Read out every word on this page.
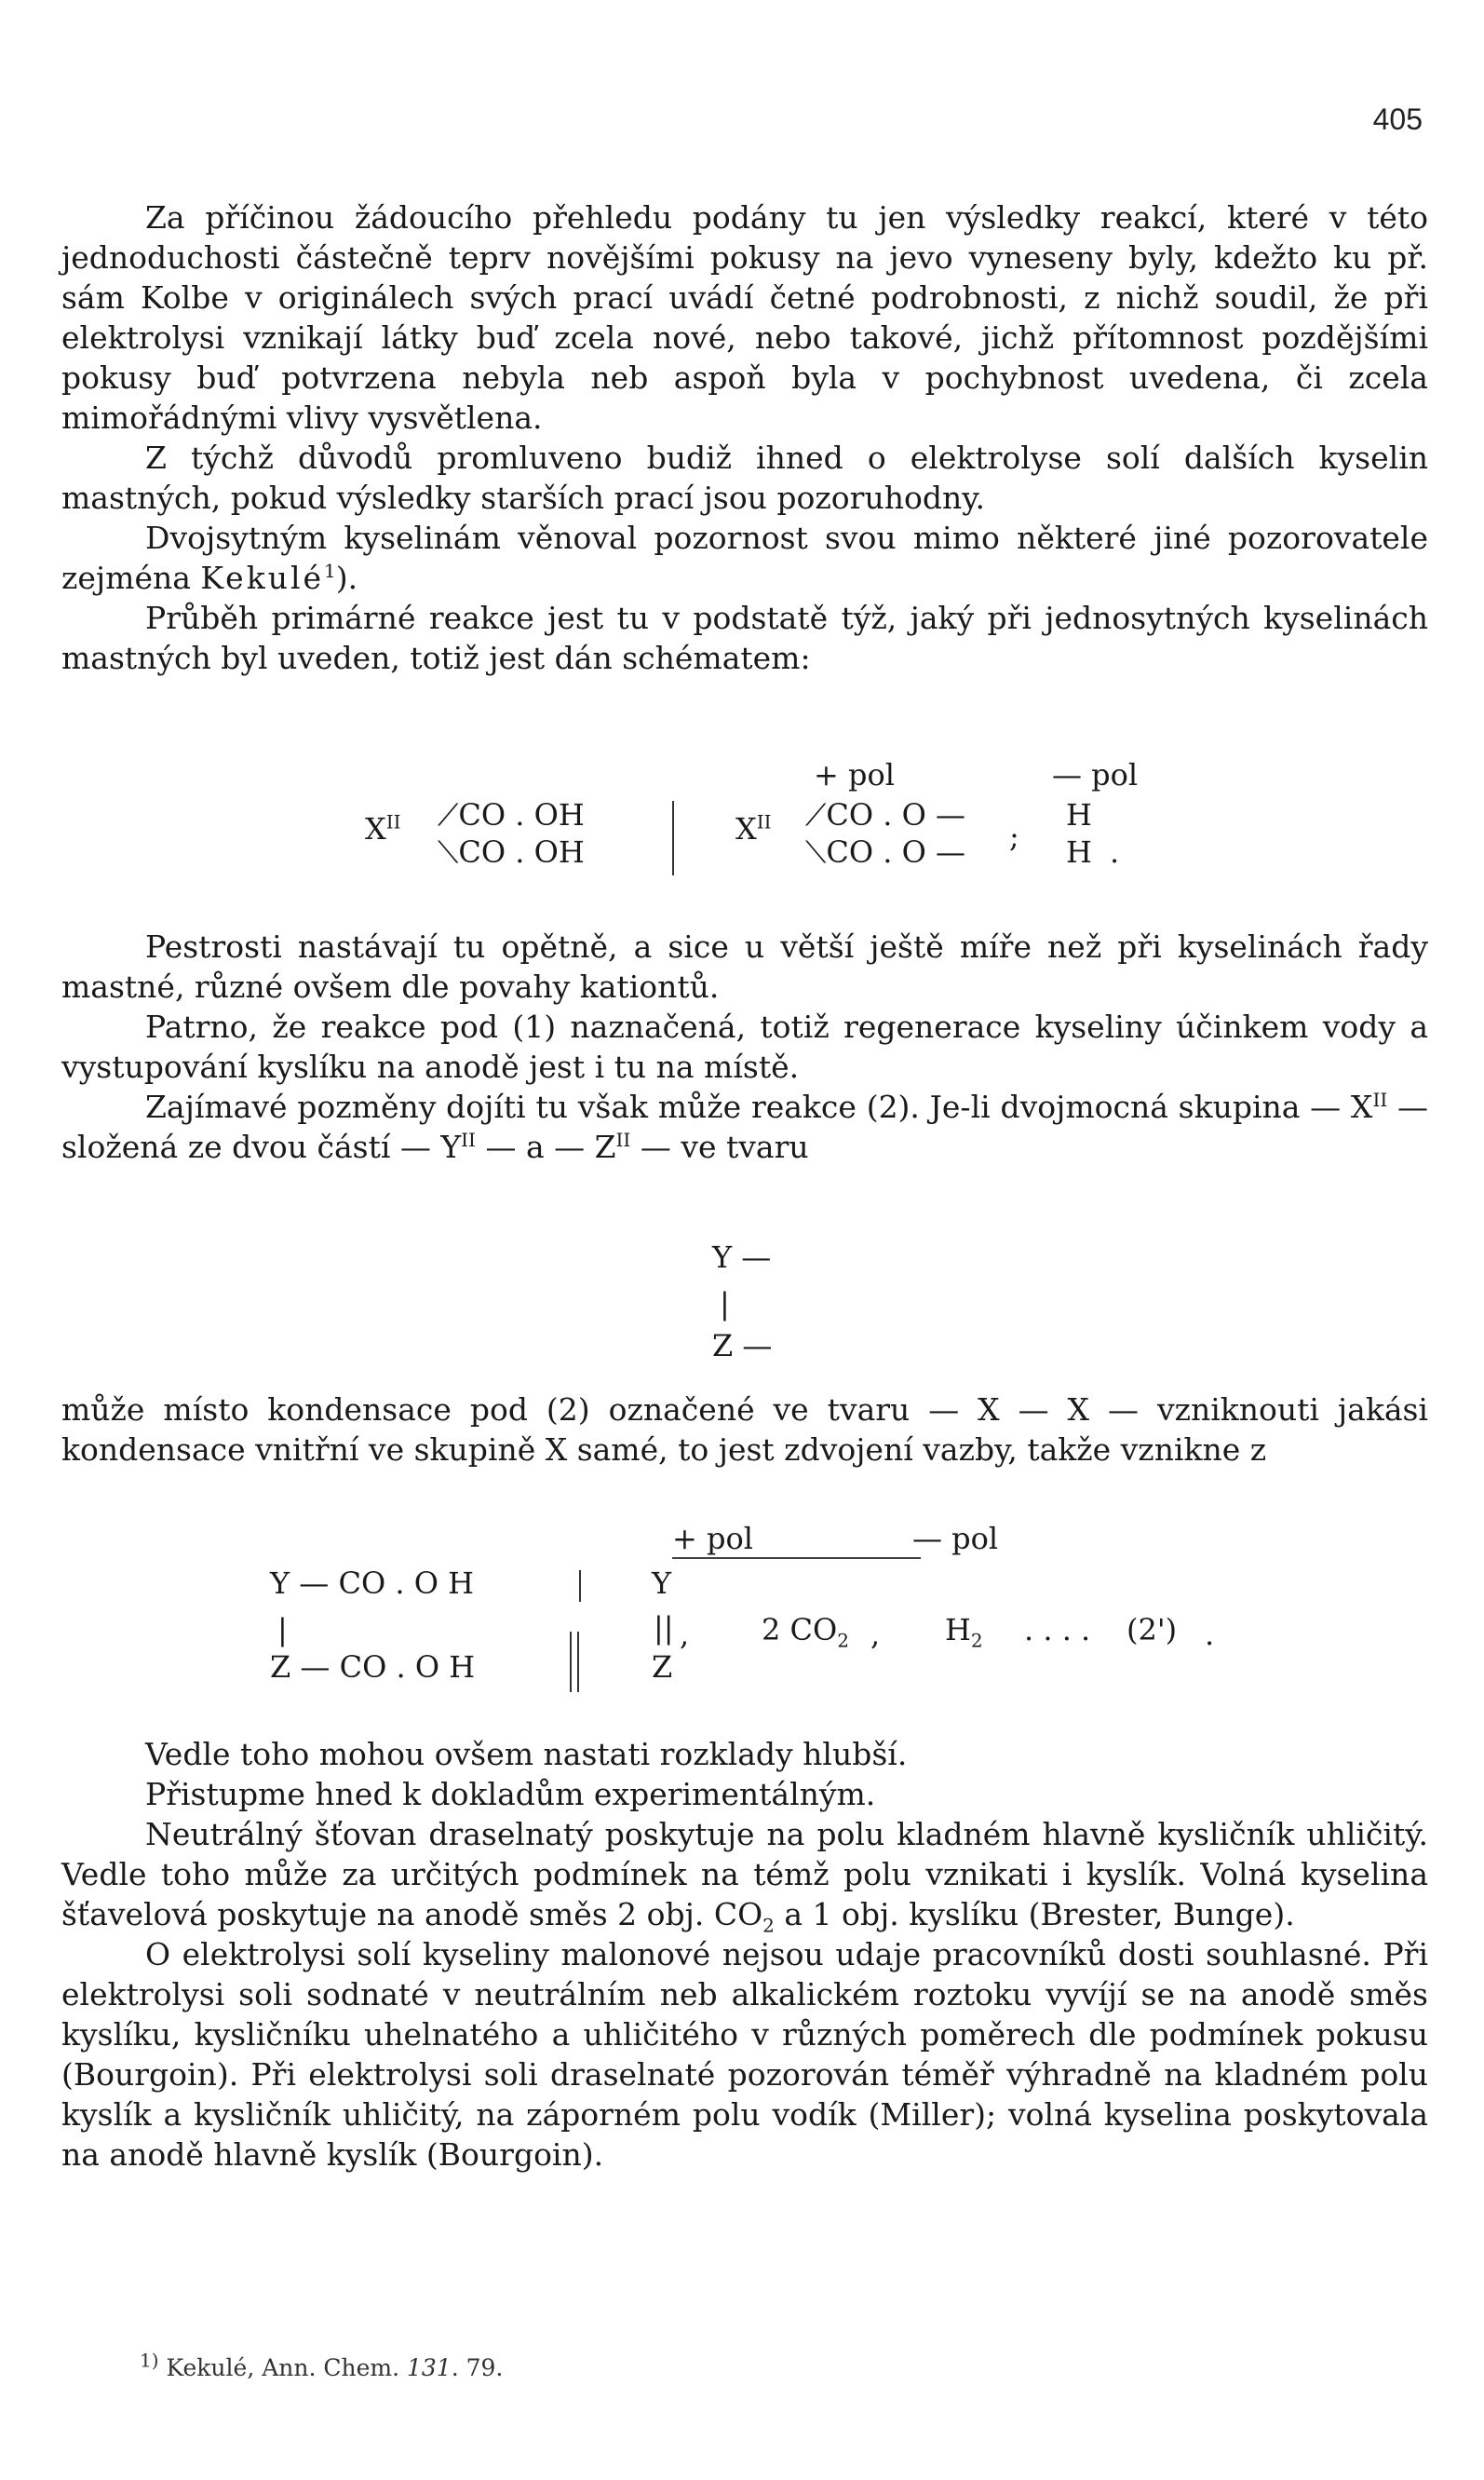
405

Za příčinou žádoucího přehledu podány tu jen výsledky reakcí, které v této jednoduchosti částečně teprv novějšími pokusy na jevo vyneseny byly, kdežto ku př. sám Kolbe v originálech svých prací uvádí četné podrobnosti, z nichž soudil, že při elektrolysi vznikají látky buď zcela nové, nebo takové, jichž přítomnost pozdějšími pokusy buď potvrzena nebyla neb aspoň byla v pochybnost uvedena, či zcela mimořádnými vlivy vysvětlena.

Z týchž důvodů promluveno budiž ihned o elektrolyse solí dalších kyselin mastných, pokud výsledky starších prací jsou pozoruhodny.

Dvojsytným kyselinám věnoval pozornost svou mimo některé jiné pozorovatele zejména Kekulé$^1$).

Průběh primárné reakce jest tu v podstatě týž, jaký při jednosytných kyselinách mastných byl uveden, totiž jest dán schématem:

+ pol	— pol
$X^{II}$ ⟋CO . OH
⟍CO . OH
$X^{II}$ ⟋CO . O —
⟍CO . O — ;
H
H .

Pestrosti nastávají tu opětně, a sice u větší ještě míře než při kyselinách řady mastné, různé ovšem dle povahy kationtů.

Patrno, že reakce pod (1) naznačená, totiž regenerace kyseliny účinkem vody a vystupování kyslíku na anodě jest i tu na místě.

Zajímavé pozměny dojíti tu však může reakce (2). Je-li dvojmocná skupina — $X^{II}$ — složená ze dvou částí — $Y^{II}$ — a — $Z^{II}$ — ve tvaru

Y —
|
Z —

může místo kondensace pod (2) označené ve tvaru — X — X — vzniknouti jakási kondensace vnitřní ve skupině X samé, to jest zdvojení vazby, takže vznikne z

+ pol	— pol
Y — CO . O H
|
Z — CO . O H
Y
||
Z
, 2 $CO_2$ , $H_2$ . . . . (2') .

Vedle toho mohou ovšem nastati rozklady hlubší.

Přistupme hned k dokladům experimentálným.

Neutrálný šťovan draselnatý poskytuje na polu kladném hlavně kysličník uhličitý. Vedle toho může za určitých podmínek na témž polu vznikati i kyslík. Volná kyselina šťavelová poskytuje na anodě směs 2 obj. $CO_2$ a 1 obj. kyslíku (Brester, Bunge).

O elektrolysi solí kyseliny malonové nejsou udaje pracovníků dosti souhlasné. Při elektrolysi soli sodnaté v neutrálním neb alkalickém roztoku vyvíjí se na anodě směs kyslíku, kysličníku uhelnatého a uhličitého v různých poměrech dle podmínek pokusu (Bourgoin). Při elektrolysi soli draselnaté pozorován téměř výhradně na kladném polu kyslík a kysličník uhličitý, na záporném polu vodík (Miller); volná kyselina poskytovala na anodě hlavně kyslík (Bourgoin).

$^{1)}$ Kekulé, Ann. Chem. 131. 79.
